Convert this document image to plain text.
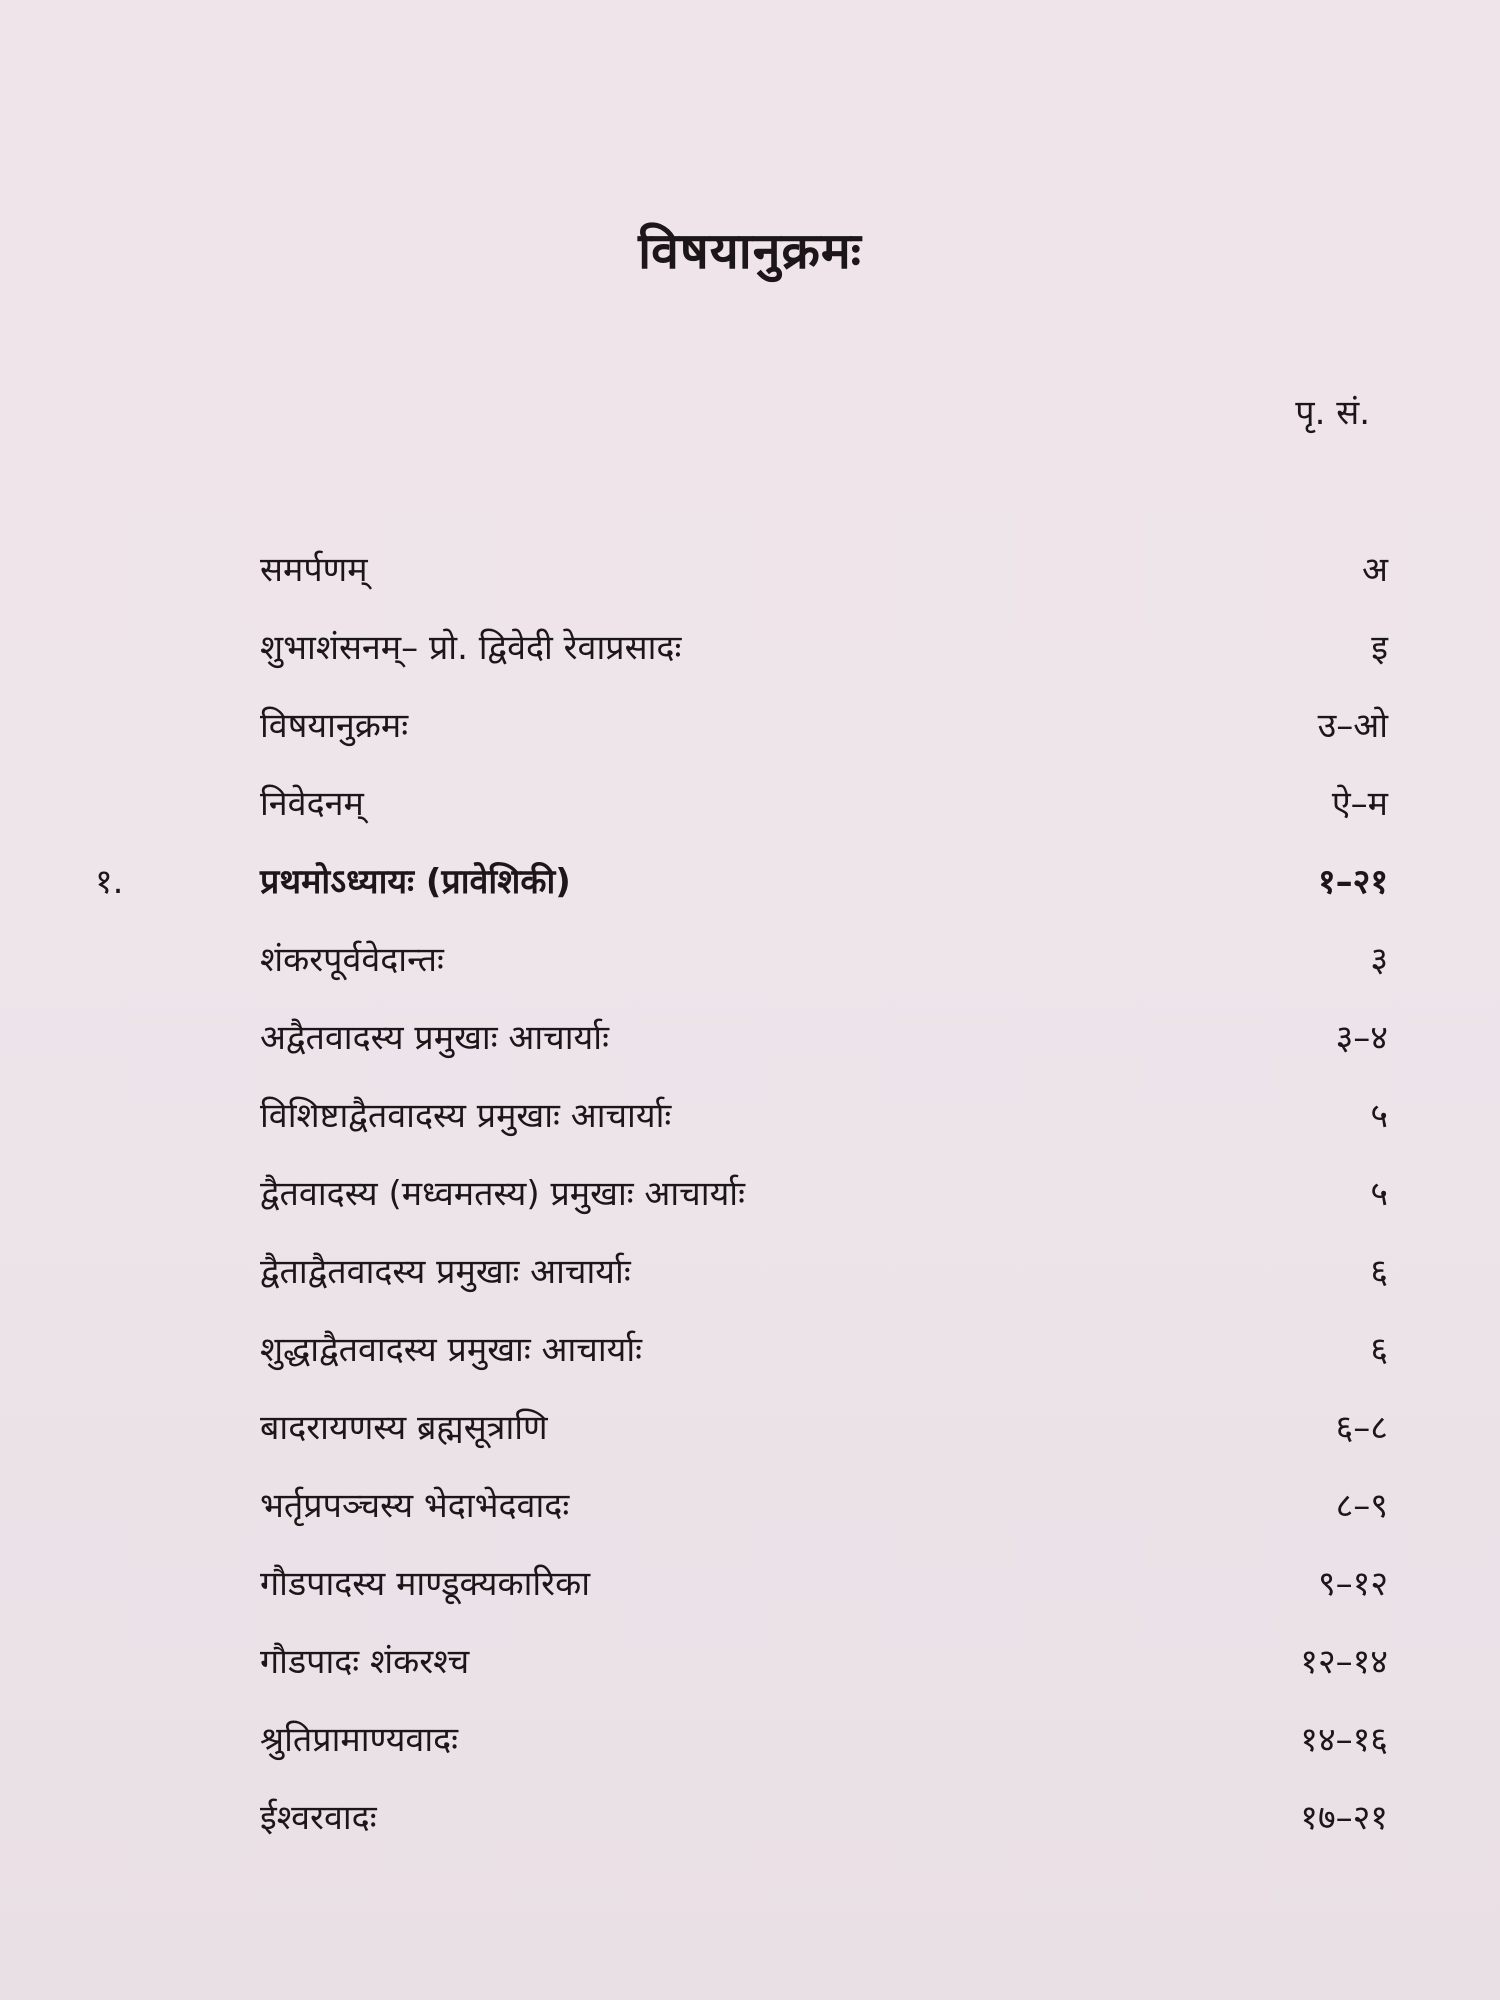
विषयानुक्रमः
पृ. सं.
समर्पणम्	अ
शुभाशंसनम्– प्रो. द्विवेदी रेवाप्रसादः	इ
विषयानुक्रमः	उ–ओ
निवेदनम्	ऐ–म
१.	प्रथमोऽध्यायः (प्रावेशिकी)	१–२१
शंकरपूर्ववेदान्तः	३
अद्वैतवादस्य प्रमुखाः आचार्याः	३–४
विशिष्टाद्वैतवादस्य प्रमुखाः आचार्याः	५
द्वैतवादस्य (मध्वमतस्य) प्रमुखाः आचार्याः	५
द्वैताद्वैतवादस्य प्रमुखाः आचार्याः	६
शुद्धाद्वैतवादस्य प्रमुखाः आचार्याः	६
बादरायणस्य ब्रह्मसूत्राणि	६–८
भर्तृप्रपञ्चस्य भेदाभेदवादः	८–९
गौडपादस्य माण्डूक्यकारिका	९–१२
गौडपादः शंकरश्च	१२–१४
श्रुतिप्रामाण्यवादः	१४–१६
ईश्वरवादः	१७–२१
